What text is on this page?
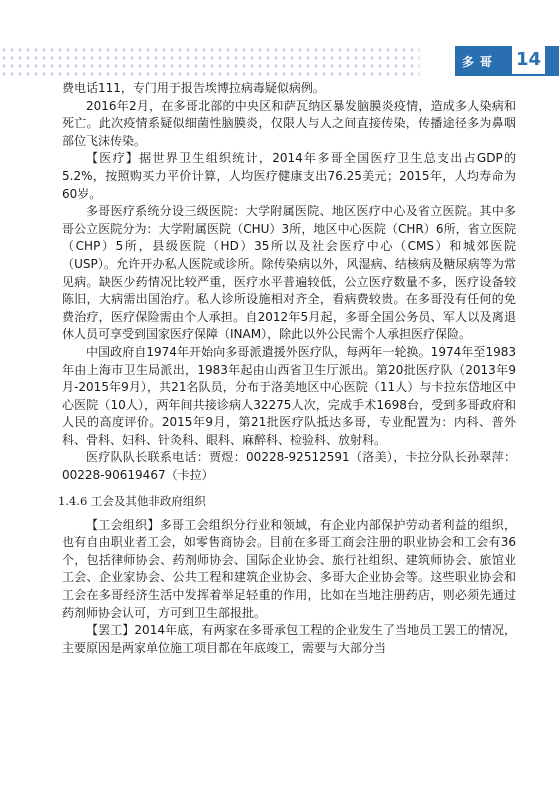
$_{多哥}$ 14

费电话111，专门用于报告埃博拉病毒疑似病例。

2016年2月，在多哥北部的中央区和萨瓦纳区暴发脑膜炎疫情，造成多人染病和死亡。此次疫情系疑似细菌性脑膜炎，仅限人与人之间直接传染，传播途径多为鼻咽部位飞沫传染。

【医疗】据世界卫生组织统计，2014年多哥全国医疗卫生总支出占GDP的5.2%，按照购买力平价计算，人均医疗健康支出76.25美元；2015年，人均寿命为60岁。

多哥医疗系统分设三级医院：大学附属医院、地区医疗中心及省立医院。其中多哥公立医院分为：大学附属医院（CHU）3所，地区中心医院（CHR）6所，省立医院（CHP）5所，县级医院（HD）35所以及社会医疗中心（CMS）和城郊医院（USP）。允许开办私人医院或诊所。除传染病以外，风湿病、结核病及糖尿病等为常见病。缺医少药情况比较严重，医疗水平普遍较低，公立医疗数量不多，医疗设备较陈旧，大病需出国治疗。私人诊所设施相对齐全，看病费较贵。在多哥没有任何的免费治疗，医疗保险需由个人承担。自2012年5月起，多哥全国公务员、军人以及离退休人员可享受到国家医疗保障（INAM），除此以外公民需个人承担医疗保险。

中国政府自1974年开始向多哥派遣援外医疗队，每两年一轮换。1974年至1983年由上海市卫生局派出，1983年起由山西省卫生厅派出。第20批医疗队（2013年9月-2015年9月），共21名队员，分布于洛美地区中心医院（11人）与卡拉东岱地区中心医院（10人），两年间共接诊病人32275人次，完成手术1698台，受到多哥政府和人民的高度评价。2015年9月，第21批医疗队抵达多哥，专业配置为：内科、普外科、骨科、妇科、针灸科、眼科、麻醉科、检验科、放射科。

医疗队队长联系电话：贾煜：00228-92512591（洛美），卡拉分队长孙翠萍：00228-90619467（卡拉）

1.4.6 工会及其他非政府组织

【工会组织】多哥工会组织分行业和领域，有企业内部保护劳动者利益的组织，也有自由职业者工会，如零售商协会。目前在多哥工商会注册的职业协会和工会有36个，包括律师协会、药剂师协会、国际企业协会、旅行社组织、建筑师协会、旅馆业工会、企业家协会、公共工程和建筑企业协会、多哥大企业协会等。这些职业协会和工会在多哥经济生活中发挥着举足轻重的作用，比如在当地注册药店，则必须先通过药剂师协会认可，方可到卫生部报批。

【罢工】2014年底，有两家在多哥承包工程的企业发生了当地员工罢工的情况，主要原因是两家单位施工项目都在年底竣工，需要与大部分当
